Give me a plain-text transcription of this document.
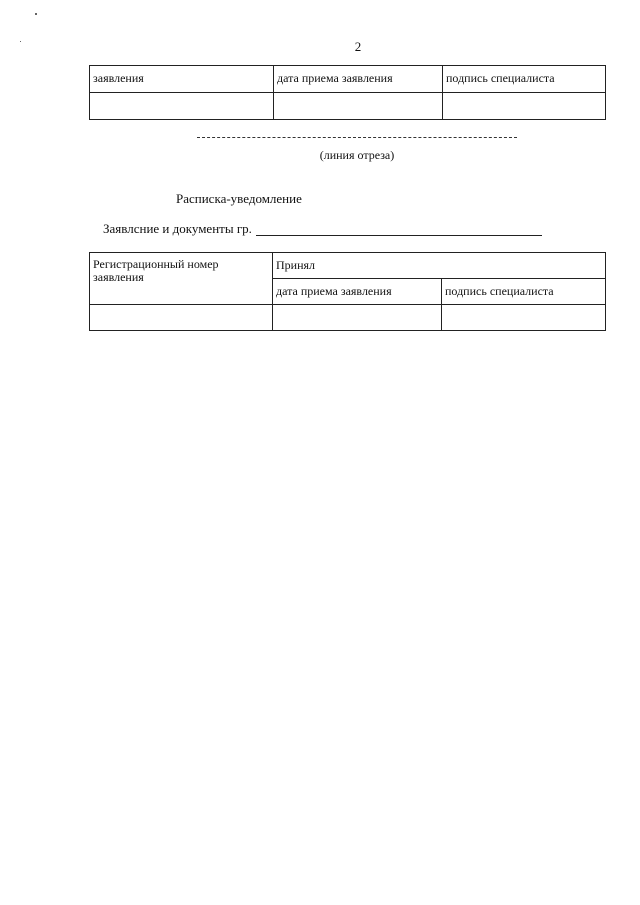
2
заявления	дата приема заявления	подпись специалиста

(линия отреза)
Расписка-уведомление
Заявлсние и документы гр.
Регистрационный номер заявления	Принял	
	дата приема заявления	подпись специалиста
